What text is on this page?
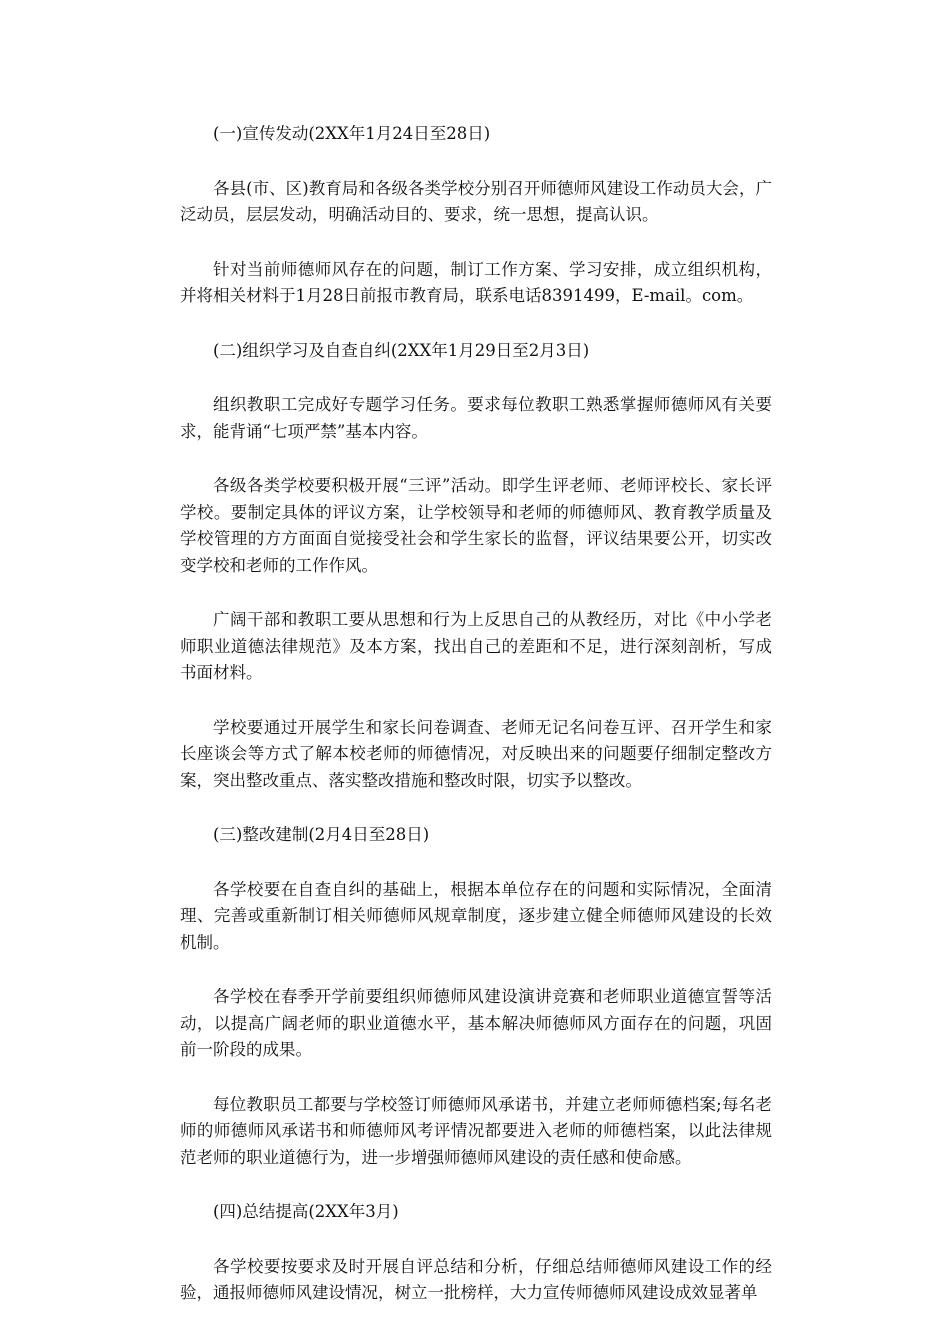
(一)宣传发动(2XX年1月24日至28日)

各县(市、区)教育局和各级各类学校分别召开师德师风建设工作动员大会，广泛动员，层层发动，明确活动目的、要求，统一思想，提高认识。

针对当前师德师风存在的问题，制订工作方案、学习安排，成立组织机构，并将相关材料于1月28日前报市教育局，联系电话8391499，E-mail。com。

(二)组织学习及自查自纠(2XX年1月29日至2月3日)

组织教职工完成好专题学习任务。要求每位教职工熟悉掌握师德师风有关要求，能背诵“七项严禁”基本内容。

各级各类学校要积极开展“三评”活动。即学生评老师、老师评校长、家长评学校。要制定具体的评议方案，让学校领导和老师的师德师风、教育教学质量及学校管理的方方面面自觉接受社会和学生家长的监督，评议结果要公开，切实改变学校和老师的工作作风。

广阔干部和教职工要从思想和行为上反思自己的从教经历，对比《中小学老师职业道德法律规范》及本方案，找出自己的差距和不足，进行深刻剖析，写成书面材料。

学校要通过开展学生和家长问卷调查、老师无记名问卷互评、召开学生和家长座谈会等方式了解本校老师的师德情况，对反映出来的问题要仔细制定整改方案，突出整改重点、落实整改措施和整改时限，切实予以整改。

(三)整改建制(2月4日至28日)

各学校要在自查自纠的基础上，根据本单位存在的问题和实际情况，全面清理、完善或重新制订相关师德师风规章制度，逐步建立健全师德师风建设的长效机制。

各学校在春季开学前要组织师德师风建设演讲竞赛和老师职业道德宣誓等活动，以提高广阔老师的职业道德水平，基本解决师德师风方面存在的问题，巩固前一阶段的成果。

每位教职员工都要与学校签订师德师风承诺书，并建立老师师德档案;每名老师的师德师风承诺书和师德师风考评情况都要进入老师的师德档案，以此法律规范老师的职业道德行为，进一步增强师德师风建设的责任感和使命感。

(四)总结提高(2XX年3月)

各学校要按要求及时开展自评总结和分析，仔细总结师德师风建设工作的经验，通报师德师风建设情况，树立一批榜样，大力宣传师德师风建设成效显著单
